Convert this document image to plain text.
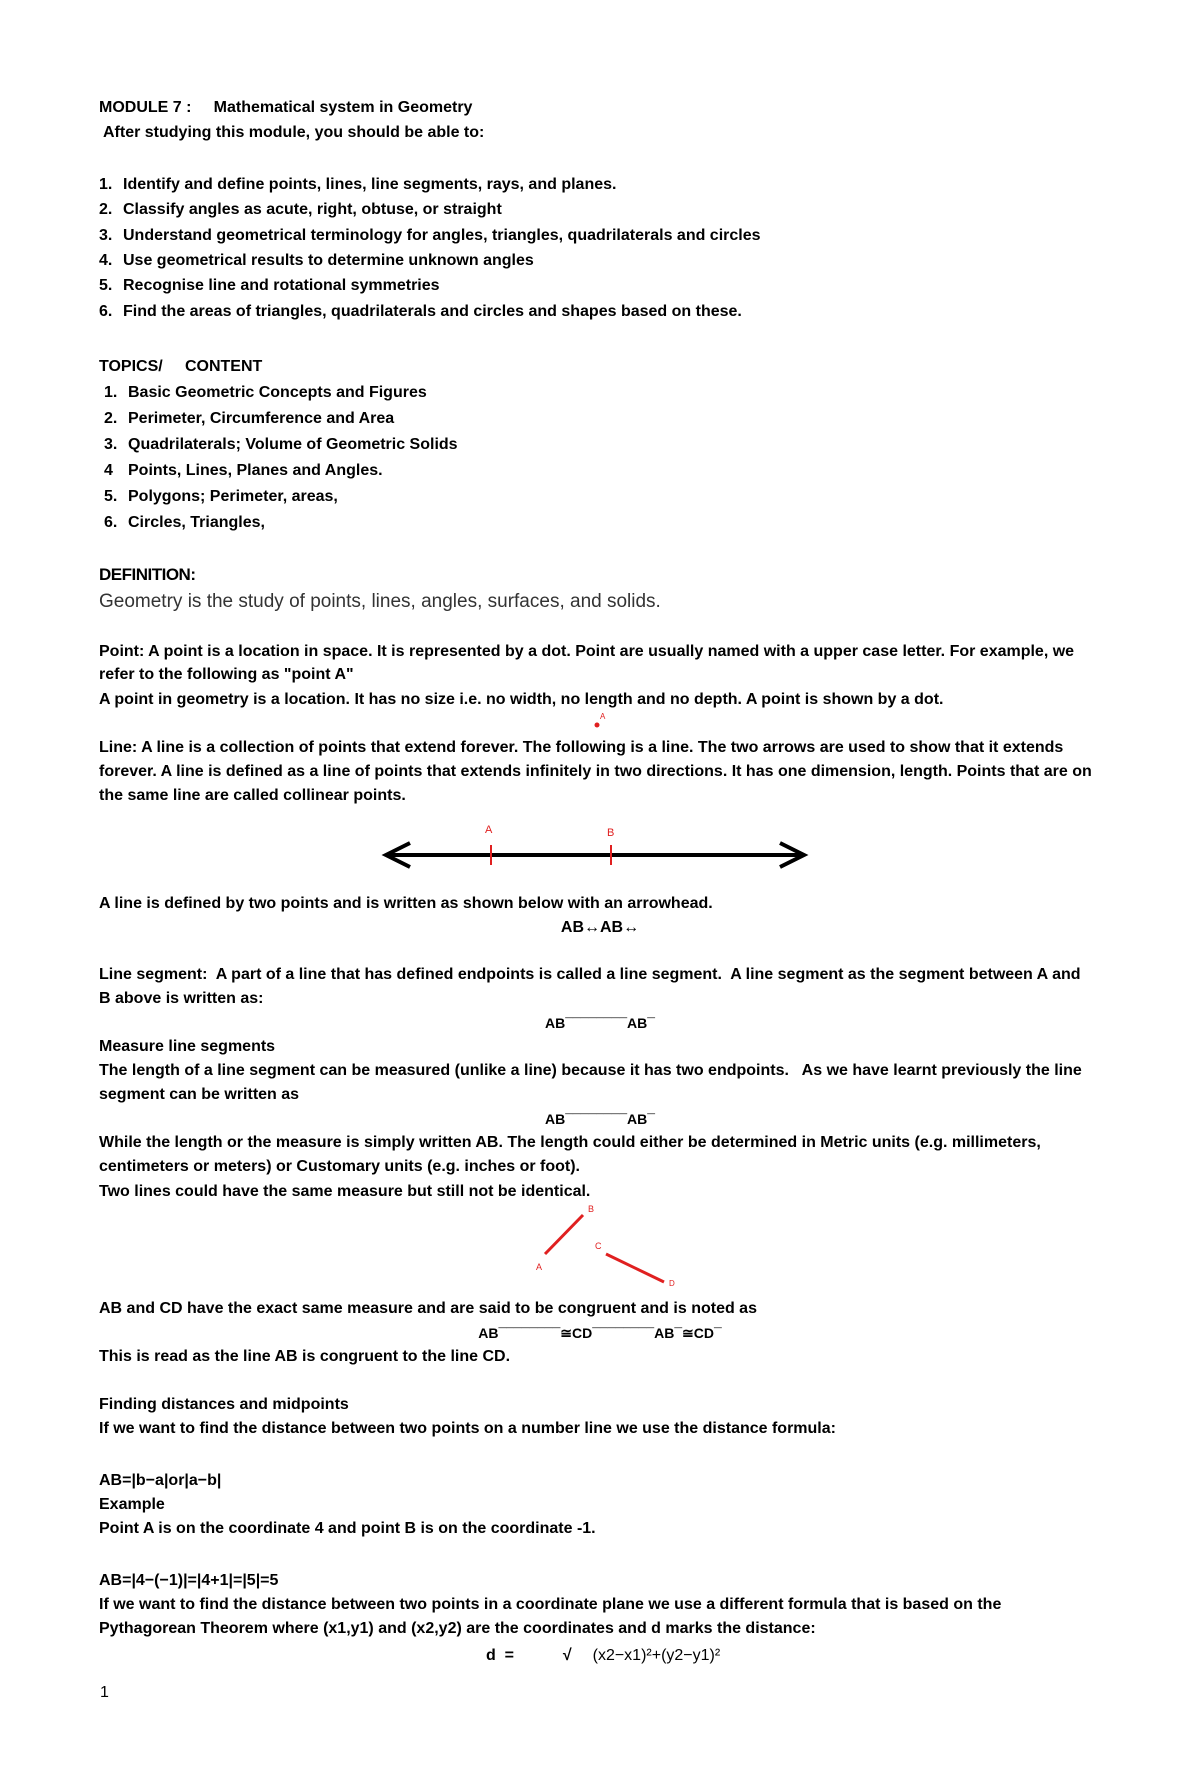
MODULE 7 :     Mathematical system in Geometry
After studying this module, you should be able to:
1. Identify and define points, lines, line segments, rays, and planes.
2. Classify angles as acute, right, obtuse, or straight
3. Understand geometrical terminology for angles, triangles, quadrilaterals and circles
4. Use geometrical results to determine unknown angles
5. Recognise line and rotational symmetries
6. Find the areas of triangles, quadrilaterals and circles and shapes based on these.
TOPICS/     CONTENT
1. Basic Geometric Concepts and Figures
2. Perimeter, Circumference and Area
3. Quadrilaterals; Volume of Geometric Solids
4 Points, Lines, Planes and Angles.
5. Polygons; Perimeter, areas,
6. Circles, Triangles,
DEFINITION:
Geometry is the study of points, lines, angles, surfaces, and solids.
Point: A point is a location in space. It is represented by a dot. Point are usually named with a upper case letter. For example, we refer to the following as "point A"
A point in geometry is a location. It has no size i.e. no width, no length and no depth. A point is shown by a dot.
A
Line: A line is a collection of points that extend forever. The following is a line. The two arrows are used to show that it extends forever. A line is defined as a line of points that extends infinitely in two directions. It has one dimension, length. Points that are on the same line are called collinear points.
A	B
A line is defined by two points and is written as shown below with an arrowhead.
AB↔AB↔
Line segment:  A part of a line that has defined endpoints is called a line segment.  A line segment as the segment between A and B above is written as:
AB¯¯¯¯¯¯¯¯AB¯
Measure line segments
The length of a line segment can be measured (unlike a line) because it has two endpoints.   As we have learnt previously the line segment can be written as
AB¯¯¯¯¯¯¯¯AB¯
While the length or the measure is simply written AB. The length could either be determined in Metric units (e.g. millimeters, centimeters or meters) or Customary units (e.g. inches or foot).
Two lines could have the same measure but still not be identical.
A
B
C
D
AB and CD have the exact same measure and are said to be congruent and is noted as
AB¯¯¯¯¯¯¯¯≅CD¯¯¯¯¯¯¯¯AB¯≅CD¯
This is read as the line AB is congruent to the line CD.
Finding distances and midpoints
If we want to find the distance between two points on a number line we use the distance formula:
AB=|b−a|or|a−b|
Example
Point A is on the coordinate 4 and point B is on the coordinate -1.
AB=|4−(−1)|=|4+1|=|5|=5
If we want to find the distance between two points in a coordinate plane we use a different formula that is based on the Pythagorean Theorem where (x1,y1) and (x2,y2) are the coordinates and d marks the distance:
d  =	√ (x2−x1)²+(y2−y1)²
1
